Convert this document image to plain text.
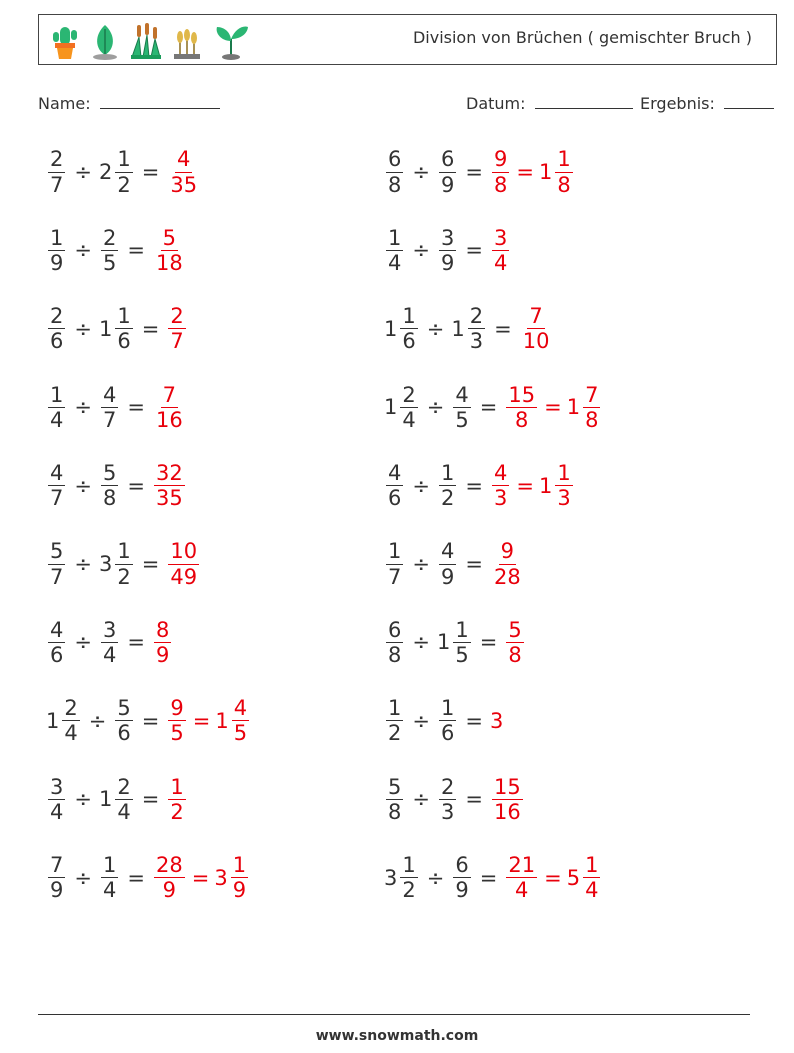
Division von Brüchen ( gemischter Bruch )
Name:	Datum:	Ergebnis:
$\frac{2}{7} \div 2 \frac{1}{2} = \frac{4}{35}$	$\frac{6}{8} \div \frac{6}{9} = \frac{9}{8} = 1 \frac{1}{8}$
$\frac{1}{9} \div \frac{2}{5} = \frac{5}{18}$	$\frac{1}{4} \div \frac{3}{9} = \frac{3}{4}$
$\frac{2}{6} \div 1 \frac{1}{6} = \frac{2}{7}$	$1 \frac{1}{6} \div 1 \frac{2}{3} = \frac{7}{10}$
$\frac{1}{4} \div \frac{4}{7} = \frac{7}{16}$	$1 \frac{2}{4} \div \frac{4}{5} = \frac{15}{8} = 1 \frac{7}{8}$
$\frac{4}{7} \div \frac{5}{8} = \frac{32}{35}$	$\frac{4}{6} \div \frac{1}{2} = \frac{4}{3} = 1 \frac{1}{3}$
$\frac{5}{7} \div 3 \frac{1}{2} = \frac{10}{49}$	$\frac{1}{7} \div \frac{4}{9} = \frac{9}{28}$
$\frac{4}{6} \div \frac{3}{4} = \frac{8}{9}$	$\frac{6}{8} \div 1 \frac{1}{5} = \frac{5}{8}$
$1 \frac{2}{4} \div \frac{5}{6} = \frac{9}{5} = 1 \frac{4}{5}$	$\frac{1}{2} \div \frac{1}{6} = 3$
$\frac{3}{4} \div 1 \frac{2}{4} = \frac{1}{2}$	$\frac{5}{8} \div \frac{2}{3} = \frac{15}{16}$
$\frac{7}{9} \div \frac{1}{4} = \frac{28}{9} = 3 \frac{1}{9}$	$3 \frac{1}{2} \div \frac{6}{9} = \frac{21}{4} = 5 \frac{1}{4}$
www.snowmath.com
